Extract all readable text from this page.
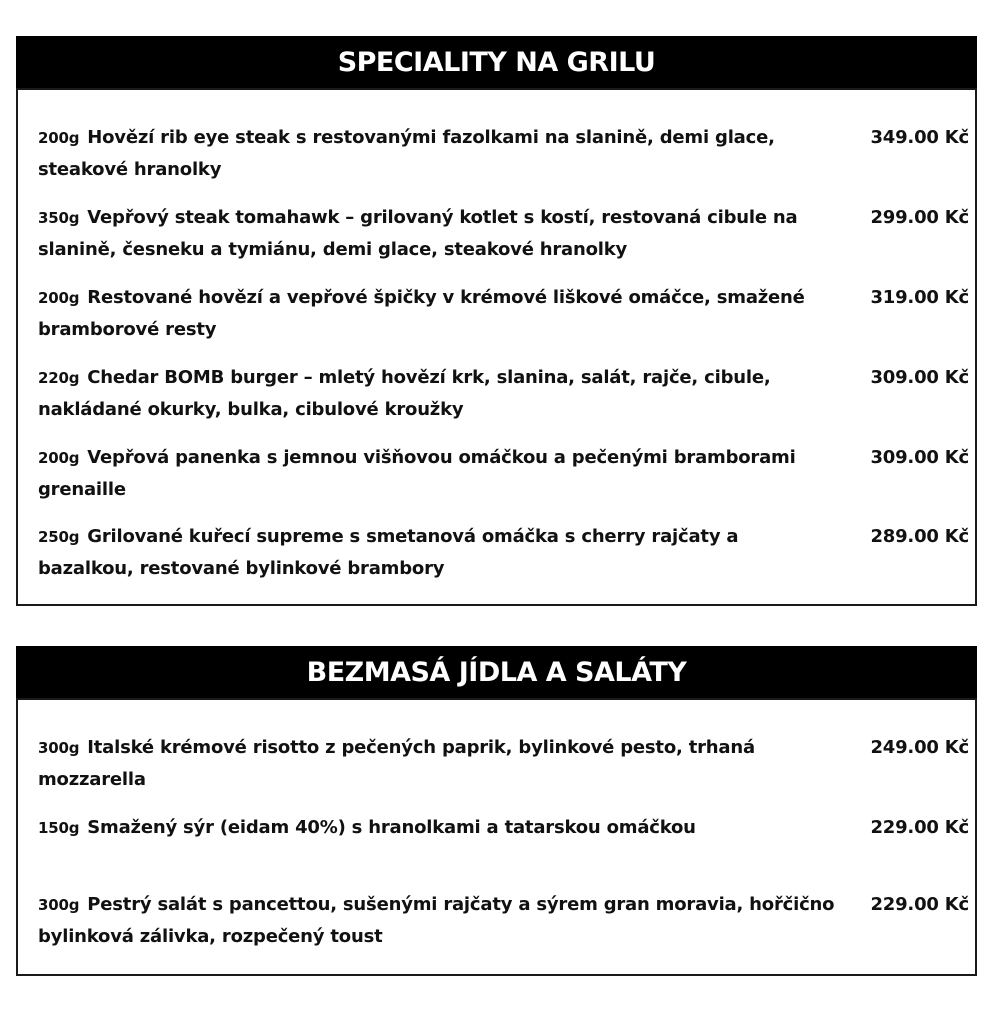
SPECIALITY NA GRILU
200g Hovězí rib eye steak s restovanými fazolkami na slanině, demi glace, steakové hranolky
349.00 Kč
350g Vepřový steak tomahawk – grilovaný kotlet s kostí, restovaná cibule na slanině, česneku a tymiánu, demi glace, steakové hranolky
299.00 Kč
200g Restované hovězí a vepřové špičky v krémové liškové omáčce, smažené bramborové resty
319.00 Kč
220g Chedar BOMB burger – mletý hovězí krk, slanina, salát, rajče, cibule, nakládané okurky, bulka, cibulové kroužky
309.00 Kč
200g Vepřová panenka s jemnou višňovou omáčkou a pečenými bramborami grenaille
309.00 Kč
250g Grilované kuřecí supreme s smetanová omáčka s cherry rajčaty a bazalkou, restované bylinkové brambory
289.00 Kč
BEZMASÁ JÍDLA A SALÁTY
300g Italské krémové risotto z pečených paprik, bylinkové pesto, trhaná mozzarella
249.00 Kč
150g Smažený sýr (eidam 40%) s hranolkami a tatarskou omáčkou	229.00 Kč
300g Pestrý salát s pancettou, sušenými rajčaty a sýrem gran moravia, hořčično bylinková zálivka, rozpečený toust
229.00 Kč
